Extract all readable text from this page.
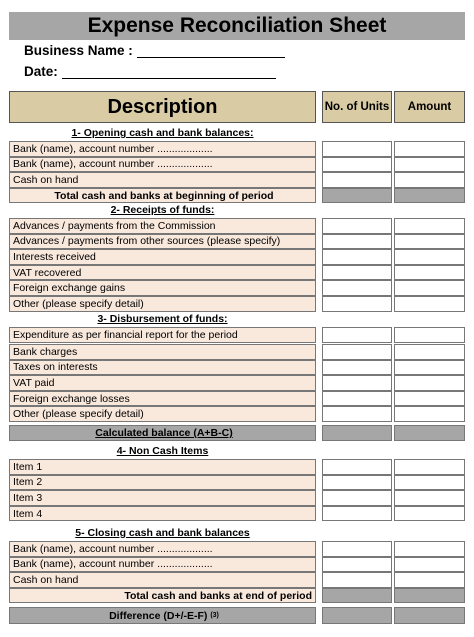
Expense Reconciliation Sheet
Business Name :
Date:
Description	No. of Units	Amount
1- Opening cash and bank balances:
Bank (name), account number ...................
Bank (name), account number ...................
Cash on hand
Total cash and banks at beginning of period
2- Receipts of funds:
Advances / payments from the Commission
Advances / payments from other sources (please specify)
Interests received
VAT recovered
Foreign exchange gains
Other (please specify detail)
3- Disbursement of funds:
Expenditure as per financial report for the period
Bank charges
Taxes on interests
VAT paid
Foreign exchange losses
Other (please specify detail)
Calculated balance (A+B-C)
4- Non Cash Items
Item 1
Item 2
Item 3
Item 4
5- Closing cash and bank balances
Bank (name), account number ...................
Bank (name), account number ...................
Cash on hand
Total cash and banks at end of period
Difference (D+/-E-F)
(3)
